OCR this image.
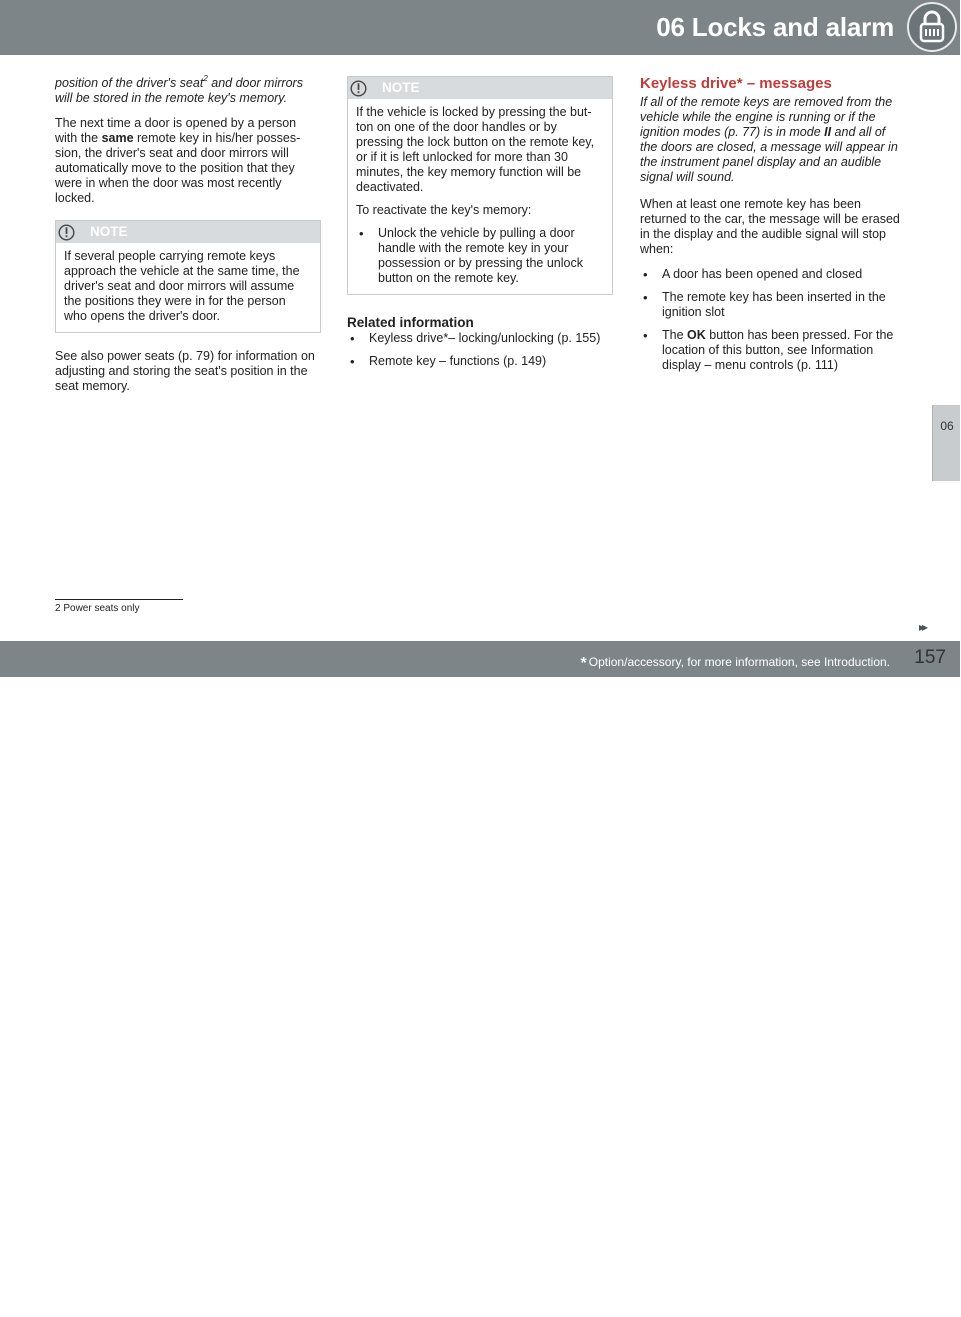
06 Locks and alarm
06

position of the driver's seat$^2$ and door mirrors will be stored in the remote key's memory.

The next time a door is opened by a person with the same remote key in his/her posses-sion, the driver's seat and door mirrors will automatically move to the position that they were in when the door was most recently locked.

NOTE

If several people carrying remote keys approach the vehicle at the same time, the driver's seat and door mirrors will assume the positions they were in for the person who opens the driver's door.

See also power seats (p. 79) for information on adjusting and storing the seat's position in the seat memory.

NOTE

If the vehicle is locked by pressing the but-ton on one of the door handles or by pressing the lock button on the remote key, or if it is left unlocked for more than 30 minutes, the key memory function will be deactivated.

To reactivate the key's memory:

• Unlock the vehicle by pulling a door handle with the remote key in your possession or by pressing the unlock button on the remote key.
Related information
• Keyless drive*– locking/unlocking (p. 155)
• Remote key – functions (p. 149)
Keyless drive* – messages

If all of the remote keys are removed from the vehicle while the engine is running or if the ignition modes (p. 77) is in mode II and all of the doors are closed, a message will appear in the instrument panel display and an audible signal will sound.

When at least one remote key has been returned to the car, the message will be erased in the display and the audible signal will stop when:

• A door has been opened and closed
• The remote key has been inserted in the ignition slot
• The OK button has been pressed. For the location of this button, see Information display – menu controls (p. 111)
2 Power seats only
▸▸
carmanualsonline.info
* Option/accessory, for more information, see Introduction. 157
